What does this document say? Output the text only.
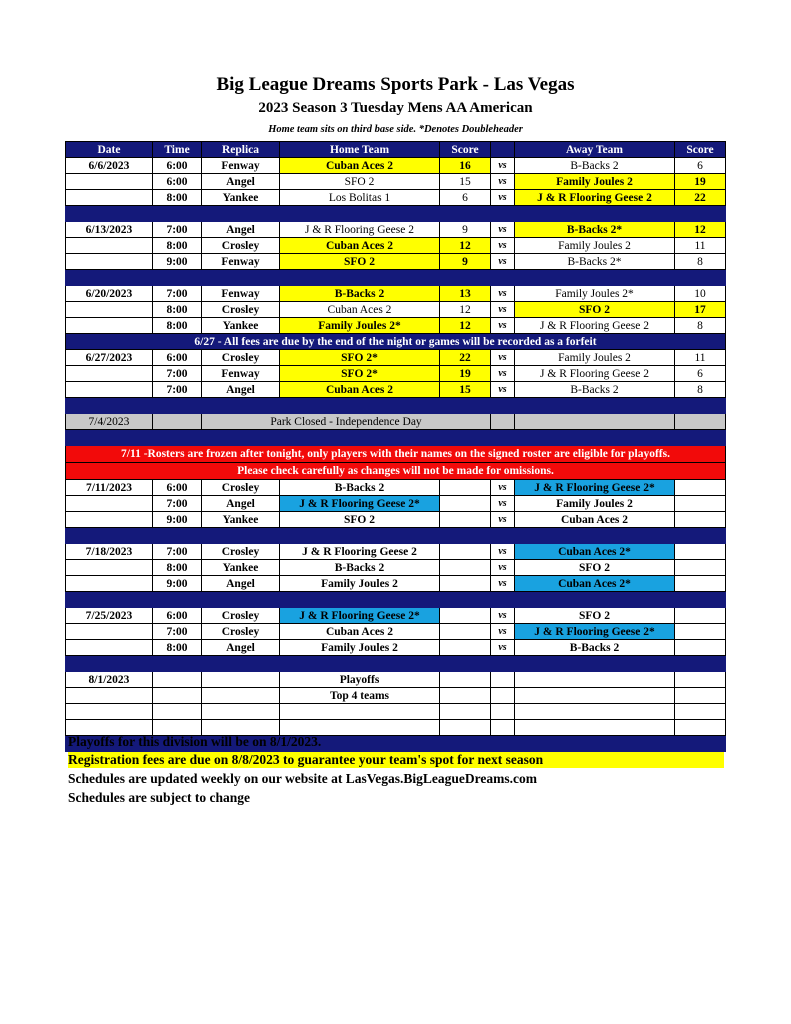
Big League Dreams Sports Park - Las Vegas
2023 Season 3 Tuesday Mens AA American
Home team sits on third base side. *Denotes Doubleheader
Date	Time	Replica	Home Team	Score		Away Team	Score
6/6/2023	6:00	Fenway	Cuban Aces 2	16	vs	B-Backs 2	6
	6:00	Angel	SFO 2	15	vs	Family Joules 2	19
	8:00	Yankee	Los Bolitas 1	6	vs	J & R Flooring Geese 2	22

6/13/2023	7:00	Angel	J & R Flooring Geese 2	9	vs	B-Backs 2*	12
	8:00	Crosley	Cuban Aces 2	12	vs	Family Joules 2	11
	9:00	Fenway	SFO 2	9	vs	B-Backs 2*	8

6/20/2023	7:00	Fenway	B-Backs 2	13	vs	Family Joules 2*	10
	8:00	Crosley	Cuban Aces 2	12	vs	SFO 2	17
	8:00	Yankee	Family Joules 2*	12	vs	J & R Flooring Geese 2	8
6/27 - All fees are due by the end of the night or games will be recorded as a forfeit							
6/27/2023	6:00	Crosley	SFO 2*	22	vs	Family Joules 2	11
	7:00	Fenway	SFO 2*	19	vs	J & R Flooring Geese 2	6
	7:00	Angel	Cuban Aces 2	15	vs	B-Backs 2	8

7/4/2023		Park Closed - Independence Day					

7/11 -Rosters are frozen after tonight, only players with their names on the signed roster are eligible for playoffs.							
Please check carefully as changes will not be made for omissions.							
7/11/2023	6:00	Crosley	B-Backs 2		vs	J & R Flooring Geese 2*	
	7:00	Angel	J & R Flooring Geese 2*		vs	Family Joules 2	
	9:00	Yankee	SFO 2		vs	Cuban Aces 2	

7/18/2023	7:00	Crosley	J & R Flooring Geese 2		vs	Cuban Aces 2*	
	8:00	Yankee	B-Backs 2		vs	SFO 2	
	9:00	Angel	Family Joules 2		vs	Cuban Aces 2*	

7/25/2023	6:00	Crosley	J & R Flooring Geese 2*		vs	SFO 2	
	7:00	Crosley	Cuban Aces 2		vs	J & R Flooring Geese 2*	
	8:00	Angel	Family Joules 2		vs	B-Backs 2	

8/1/2023			Playoffs				
			Top 4 teams				

Playoffs for this division will be on 8/1/2023.
Registration fees are due on 8/8/2023 to guarantee your team's spot for next season
Schedules are updated weekly on our website at LasVegas.BigLeagueDreams.com
Schedules are subject to change
